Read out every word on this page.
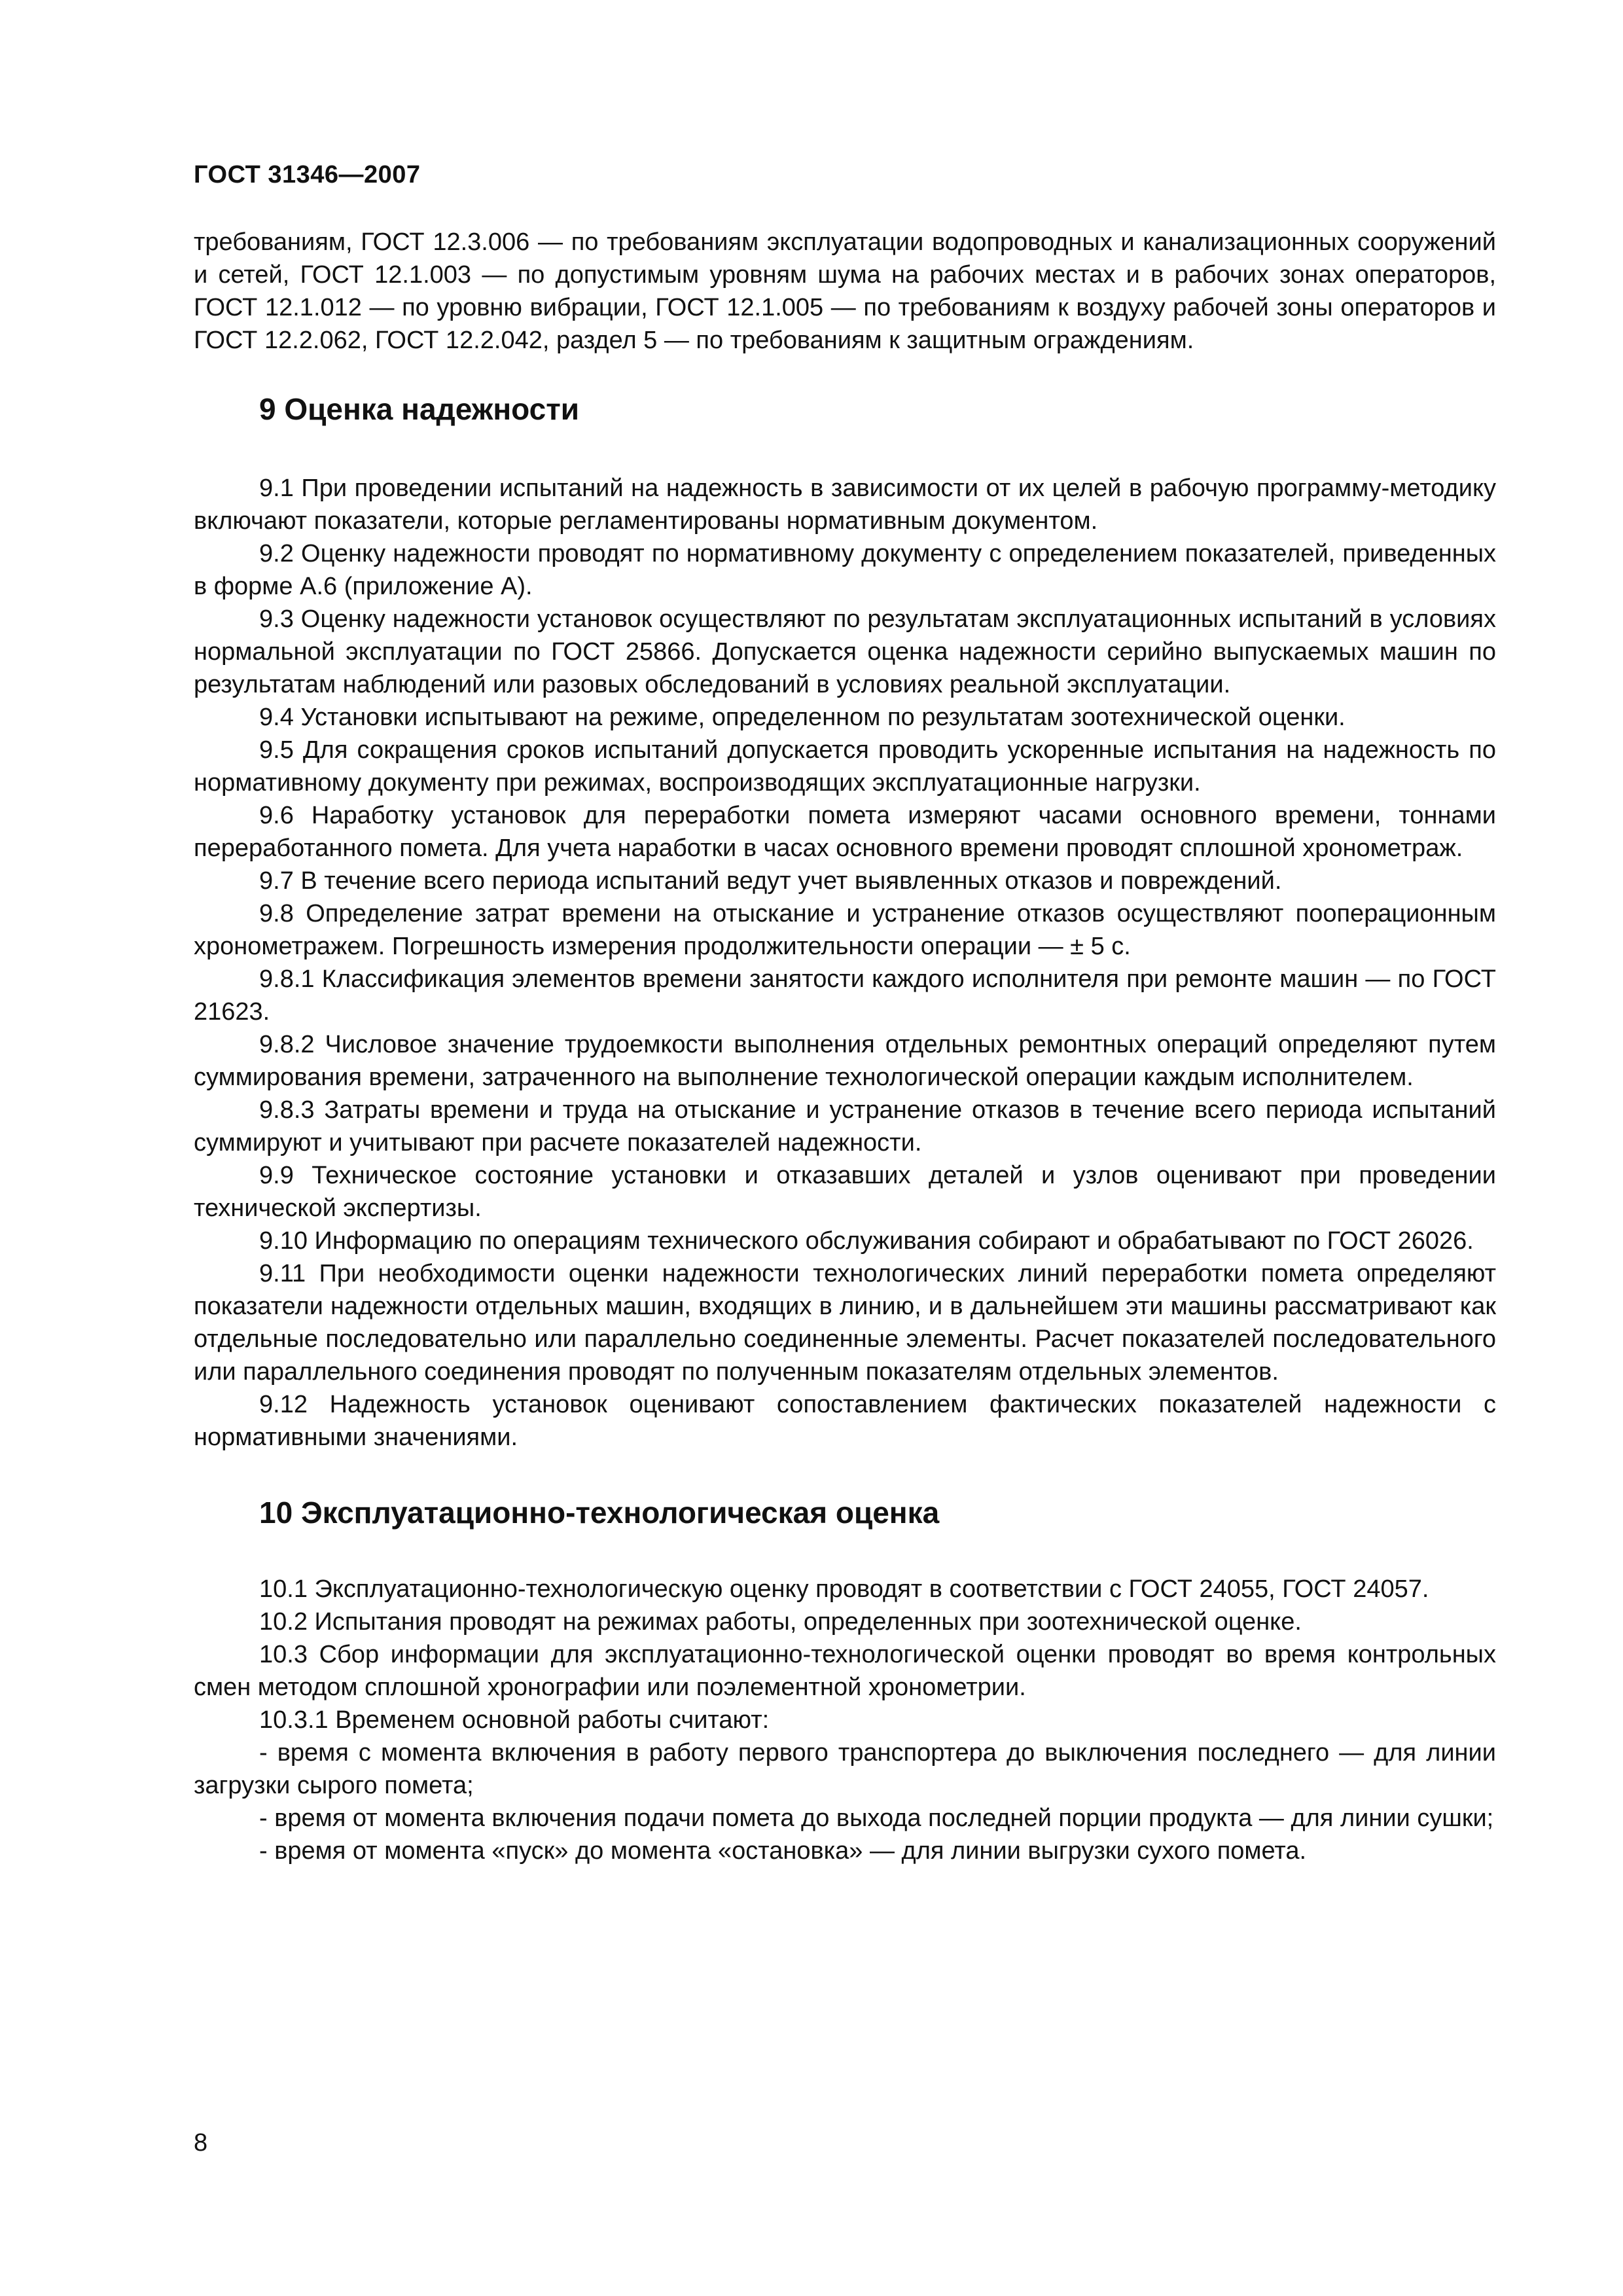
ГОСТ 31346—2007

требованиям, ГОСТ 12.3.006 — по требованиям эксплуатации водопроводных и канализационных сооружений и сетей, ГОСТ 12.1.003 — по допустимым уровням шума на рабочих местах и в рабочих зонах операторов, ГОСТ 12.1.012 — по уровню вибрации, ГОСТ 12.1.005 — по требованиям к воздуху рабочей зоны операторов и ГОСТ 12.2.062, ГОСТ 12.2.042, раздел 5 — по требованиям к защитным ограждениям.

9 Оценка надежности

9.1 При проведении испытаний на надежность в зависимости от их целей в рабочую программу-методику включают показатели, которые регламентированы нормативным документом.

9.2 Оценку надежности проводят по нормативному документу с определением показателей, приведенных в форме А.6 (приложение А).

9.3 Оценку надежности установок осуществляют по результатам эксплуатационных испытаний в условиях нормальной эксплуатации по ГОСТ 25866. Допускается оценка надежности серийно выпускаемых машин по результатам наблюдений или разовых обследований в условиях реальной эксплуатации.

9.4 Установки испытывают на режиме, определенном по результатам зоотехнической оценки.

9.5 Для сокращения сроков испытаний допускается проводить ускоренные испытания на надежность по нормативному документу при режимах, воспроизводящих эксплуатационные нагрузки.

9.6 Наработку установок для переработки помета измеряют часами основного времени, тоннами переработанного помета. Для учета наработки в часах основного времени проводят сплошной хронометраж.

9.7 В течение всего периода испытаний ведут учет выявленных отказов и повреждений.

9.8 Определение затрат времени на отыскание и устранение отказов осуществляют пооперационным хронометражем. Погрешность измерения продолжительности операции — ± 5 с.

9.8.1 Классификация элементов времени занятости каждого исполнителя при ремонте машин — по ГОСТ 21623.

9.8.2 Числовое значение трудоемкости выполнения отдельных ремонтных операций определяют путем суммирования времени, затраченного на выполнение технологической операции каждым исполнителем.

9.8.3 Затраты времени и труда на отыскание и устранение отказов в течение всего периода испытаний суммируют и учитывают при расчете показателей надежности.

9.9 Техническое состояние установки и отказавших деталей и узлов оценивают при проведении технической экспертизы.

9.10 Информацию по операциям технического обслуживания собирают и обрабатывают по ГОСТ 26026.

9.11 При необходимости оценки надежности технологических линий переработки помета определяют показатели надежности отдельных машин, входящих в линию, и в дальнейшем эти машины рассматривают как отдельные последовательно или параллельно соединенные элементы. Расчет показателей последовательного или параллельного соединения проводят по полученным показателям отдельных элементов.

9.12 Надежность установок оценивают сопоставлением фактических показателей надежности с нормативными значениями.

10 Эксплуатационно-технологическая оценка

10.1 Эксплуатационно-технологическую оценку проводят в соответствии с ГОСТ 24055, ГОСТ 24057.

10.2 Испытания проводят на режимах работы, определенных при зоотехнической оценке.

10.3 Сбор информации для эксплуатационно-технологической оценки проводят во время контрольных смен методом сплошной хронографии или поэлементной хронометрии.

10.3.1 Временем основной работы считают:

- время с момента включения в работу первого транспортера до выключения последнего — для линии загрузки сырого помета;

- время от момента включения подачи помета до выхода последней порции продукта — для линии сушки;

- время от момента «пуск» до момента «остановка» — для линии выгрузки сухого помета.

8
